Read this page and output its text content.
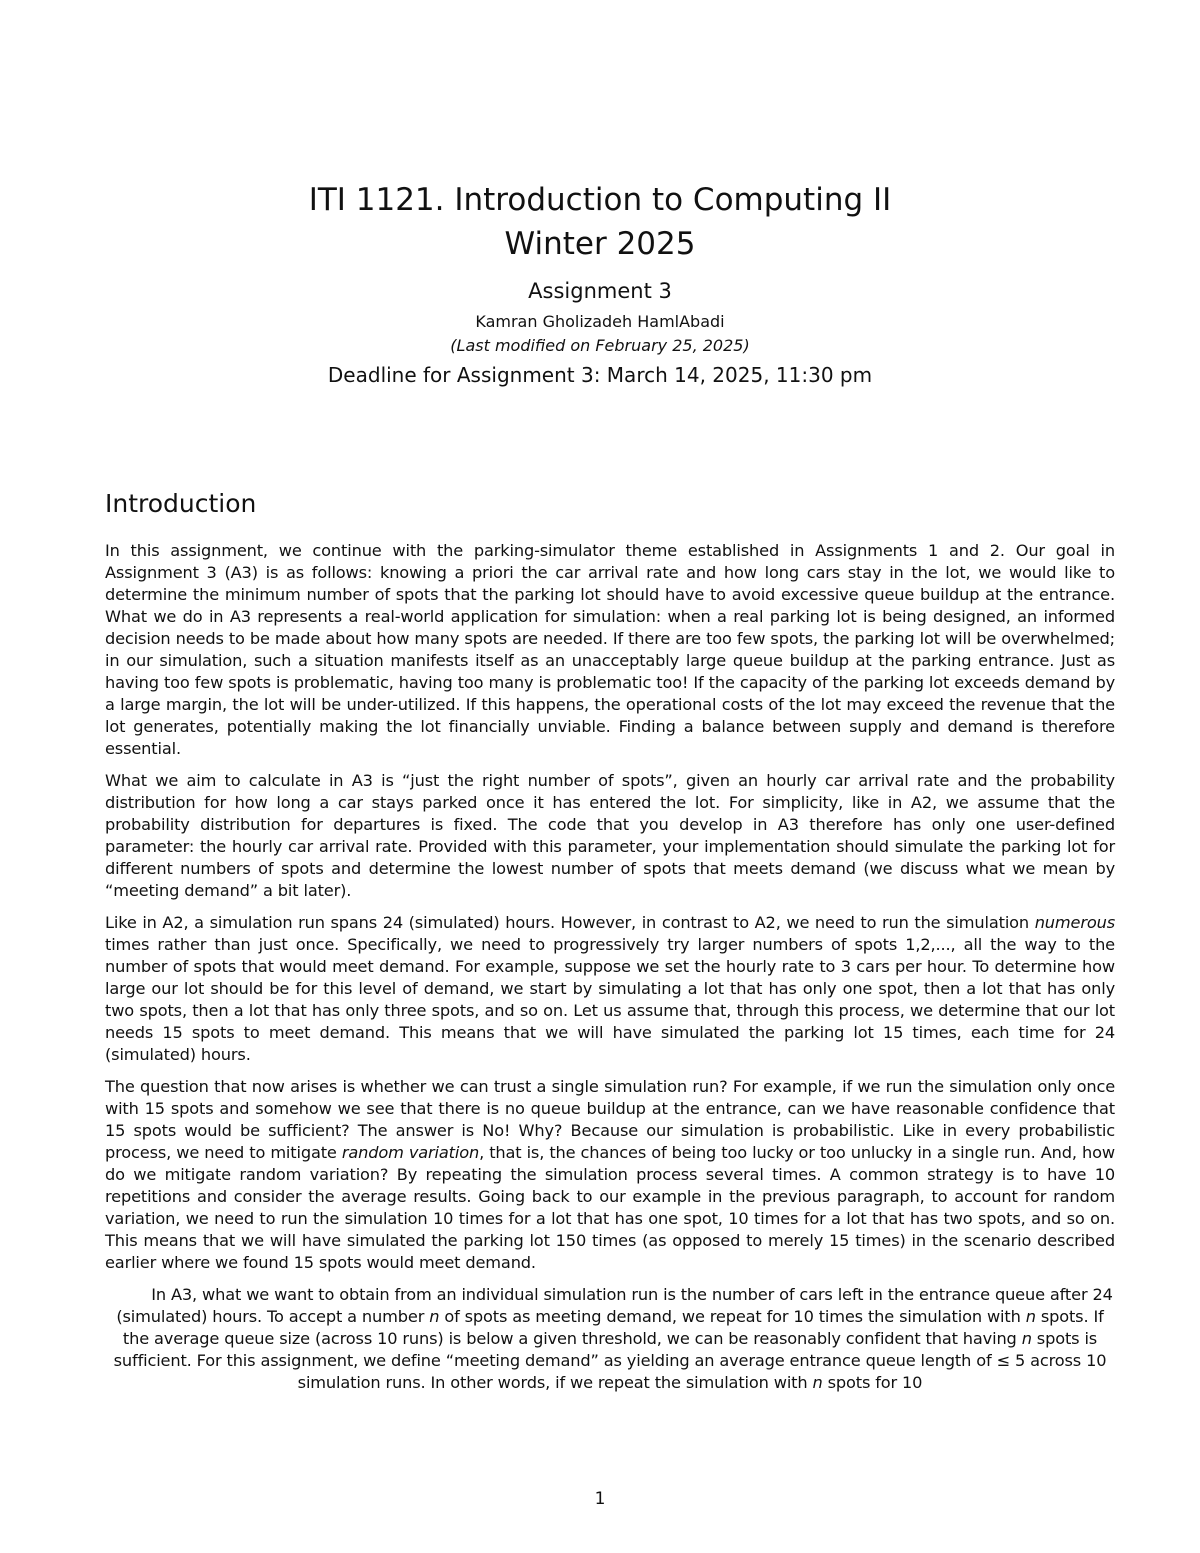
ITI 1121. Introduction to Computing II

Winter 2025

Assignment 3

Kamran Gholizadeh HamlAbadi

(Last modified on February 25, 2025)

Deadline for Assignment 3: March 14, 2025, 11:30 pm

Introduction

In this assignment, we continue with the parking-simulator theme established in Assignments 1 and 2. Our goal in Assignment 3 (A3) is as follows: knowing a priori the car arrival rate and how long cars stay in the lot, we would like to determine the minimum number of spots that the parking lot should have to avoid excessive queue buildup at the entrance. What we do in A3 represents a real-world application for simulation: when a real parking lot is being designed, an informed decision needs to be made about how many spots are needed. If there are too few spots, the parking lot will be overwhelmed; in our simulation, such a situation manifests itself as an unacceptably large queue buildup at the parking entrance. Just as having too few spots is problematic, having too many is problematic too! If the capacity of the parking lot exceeds demand by a large margin, the lot will be under-utilized. If this happens, the operational costs of the lot may exceed the revenue that the lot generates, potentially making the lot financially unviable. Finding a balance between supply and demand is therefore essential.

What we aim to calculate in A3 is “just the right number of spots”, given an hourly car arrival rate and the probability distribution for how long a car stays parked once it has entered the lot. For simplicity, like in A2, we assume that the probability distribution for departures is fixed. The code that you develop in A3 therefore has only one user-defined parameter: the hourly car arrival rate. Provided with this parameter, your implementation should simulate the parking lot for different numbers of spots and determine the lowest number of spots that meets demand (we discuss what we mean by “meeting demand” a bit later).

Like in A2, a simulation run spans 24 (simulated) hours. However, in contrast to A2, we need to run the simulation numerous times rather than just once. Specifically, we need to progressively try larger numbers of spots 1,2,..., all the way to the number of spots that would meet demand. For example, suppose we set the hourly rate to 3 cars per hour. To determine how large our lot should be for this level of demand, we start by simulating a lot that has only one spot, then a lot that has only two spots, then a lot that has only three spots, and so on. Let us assume that, through this process, we determine that our lot needs 15 spots to meet demand. This means that we will have simulated the parking lot 15 times, each time for 24 (simulated) hours.

The question that now arises is whether we can trust a single simulation run? For example, if we run the simulation only once with 15 spots and somehow we see that there is no queue buildup at the entrance, can we have reasonable confidence that 15 spots would be sufficient? The answer is No! Why? Because our simulation is probabilistic. Like in every probabilistic process, we need to mitigate random variation, that is, the chances of being too lucky or too unlucky in a single run. And, how do we mitigate random variation? By repeating the simulation process several times. A common strategy is to have 10 repetitions and consider the average results. Going back to our example in the previous paragraph, to account for random variation, we need to run the simulation 10 times for a lot that has one spot, 10 times for a lot that has two spots, and so on. This means that we will have simulated the parking lot 150 times (as opposed to merely 15 times) in the scenario described earlier where we found 15 spots would meet demand.

In A3, what we want to obtain from an individual simulation run is the number of cars left in the entrance queue after 24 (simulated) hours. To accept a number n of spots as meeting demand, we repeat for 10 times the simulation with n spots. If the average queue size (across 10 runs) is below a given threshold, we can be reasonably confident that having n spots is sufficient. For this assignment, we define “meeting demand” as yielding an average entrance queue length of ≤ 5 across 10 simulation runs. In other words, if we repeat the simulation with n spots for 10

1
